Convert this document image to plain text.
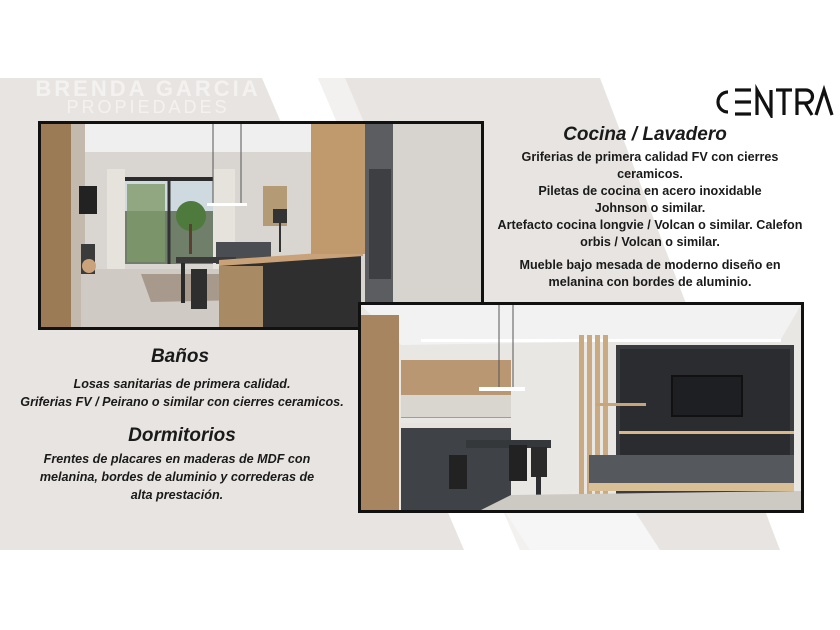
BRENDA GARCIA
PROPIEDADES
Cocina / Lavadero
Griferias de primera calidad FV con cierres
ceramicos.
Piletas de cocina en acero inoxidable
Johnson o similar.
Artefacto cocina longvie / Volcan o similar. Calefon
orbis / Volcan o similar.
Mueble bajo mesada de moderno diseño en
melanina con bordes de aluminio.
Baños
Losas sanitarias de primera calidad.
Griferias FV / Peirano o similar con cierres ceramicos.
Dormitorios
Frentes de placares en maderas de MDF con
melanina, bordes de aluminio y correderas de
alta prestación.
